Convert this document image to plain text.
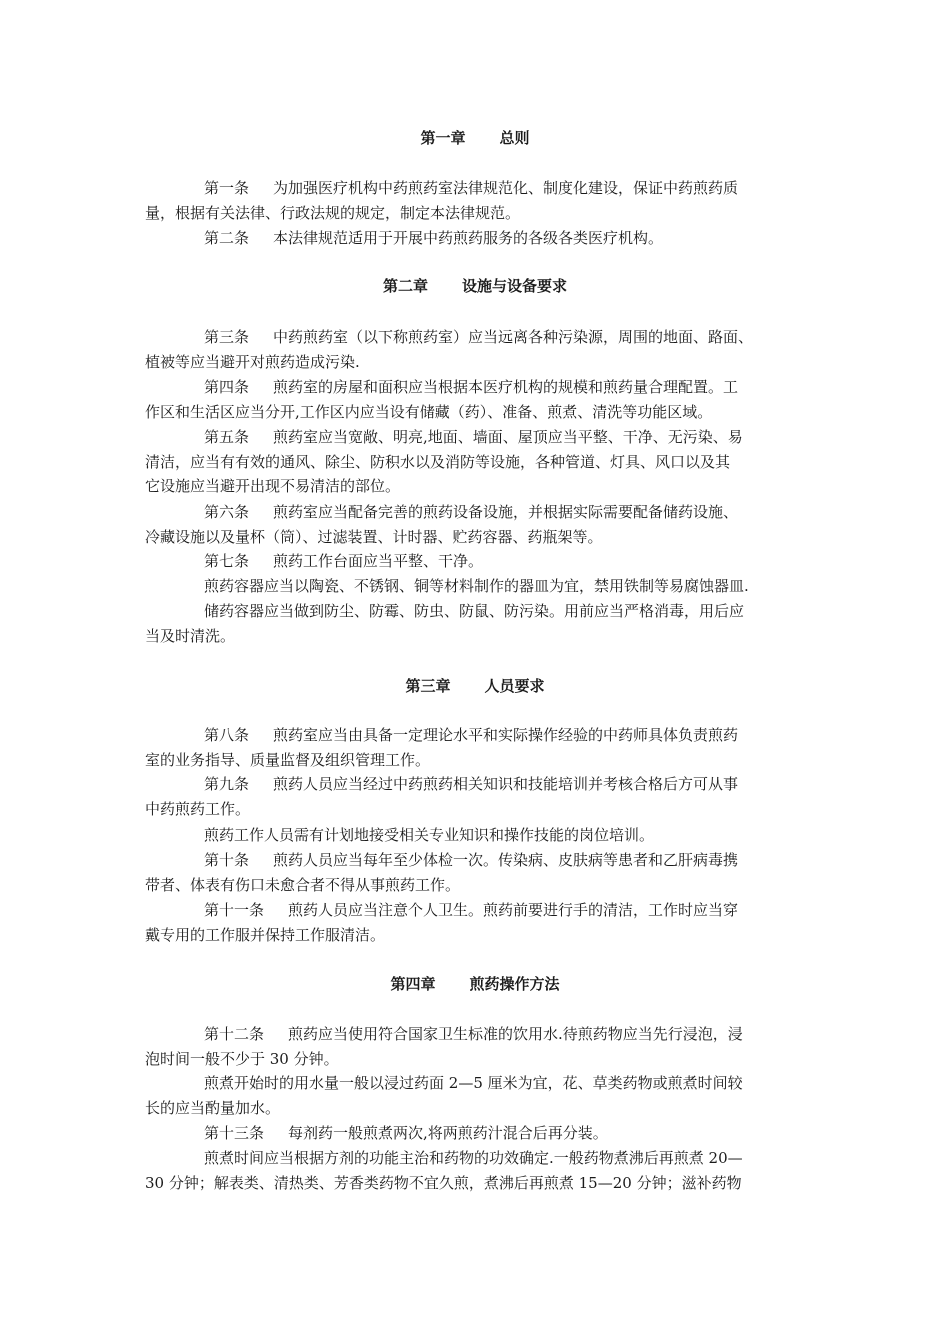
第一章 总则
第二章 设施与设备要求
第三章 人员要求
第四章 煎药操作方法
第一条 为加强医疗机构中药煎药室法律规范化、制度化建设，保证中药煎药质
量，根据有关法律、行政法规的规定，制定本法律规范。
第二条 本法律规范适用于开展中药煎药服务的各级各类医疗机构。
第三条 中药煎药室（以下称煎药室）应当远离各种污染源，周围的地面、路面、
植被等应当避开对煎药造成污染.
第四条 煎药室的房屋和面积应当根据本医疗机构的规模和煎药量合理配置。工
作区和生活区应当分开,工作区内应当设有储藏（药）、准备、煎煮、清洗等功能区域。
第五条 煎药室应当宽敞、明亮,地面、墙面、屋顶应当平整、干净、无污染、易
清洁，应当有有效的通风、除尘、防积水以及消防等设施，各种管道、灯具、风口以及其
它设施应当避开出现不易清洁的部位。
第六条 煎药室应当配备完善的煎药设备设施，并根据实际需要配备储药设施、
冷藏设施以及量杯（筒）、过滤装置、计时器、贮药容器、药瓶架等。
第七条 煎药工作台面应当平整、干净。
煎药容器应当以陶瓷、不锈钢、铜等材料制作的器皿为宜，禁用铁制等易腐蚀器皿.
储药容器应当做到防尘、防霉、防虫、防鼠、防污染。用前应当严格消毒，用后应
当及时清洗。
第八条 煎药室应当由具备一定理论水平和实际操作经验的中药师具体负责煎药
室的业务指导、质量监督及组织管理工作。
第九条 煎药人员应当经过中药煎药相关知识和技能培训并考核合格后方可从事
中药煎药工作。
煎药工作人员需有计划地接受相关专业知识和操作技能的岗位培训。
第十条 煎药人员应当每年至少体检一次。传染病、皮肤病等患者和乙肝病毒携
带者、体表有伤口未愈合者不得从事煎药工作。
第十一条 煎药人员应当注意个人卫生。煎药前要进行手的清洁，工作时应当穿
戴专用的工作服并保持工作服清洁。
第十二条 煎药应当使用符合国家卫生标准的饮用水.待煎药物应当先行浸泡，浸
泡时间一般不少于 30 分钟。
煎煮开始时的用水量一般以浸过药面 2—5 厘米为宜，花、草类药物或煎煮时间较
长的应当酌量加水。
第十三条 每剂药一般煎煮两次,将两煎药汁混合后再分装。
煎煮时间应当根据方剂的功能主治和药物的功效确定.一般药物煮沸后再煎煮 20—
30 分钟；解表类、清热类、芳香类药物不宜久煎，煮沸后再煎煮 15—20 分钟；滋补药物
